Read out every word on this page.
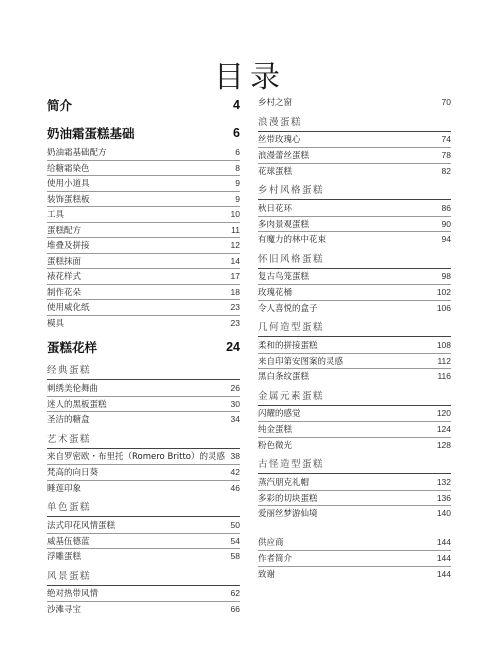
目录
简介	4
奶油霜蛋糕基础	6
奶油霜基础配方	6
给糖霜染色	8
使用小道具	9
装饰蛋糕板	9
工具	10
蛋糕配方	11
堆叠及拼接	12
蛋糕抹面	14
裱花样式	17
制作花朵	18
使用威化纸	23
模具	23
蛋糕花样	24
经典蛋糕
刺绣美伦舞曲	26
迷人的黑板蛋糕	30
圣洁的糖盒	34
艺术蛋糕
来自罗密欧・布里托（Romero Britto）的灵感 38
梵高的向日葵	42
睡莲印象	46
单色蛋糕
法式印花风情蛋糕	50
威基伍德蓝	54
浮雕蛋糕	58
风景蛋糕
绝对热带风情	62
沙滩寻宝	66
乡村之窗	70
浪漫蛋糕
丝带玫瑰心	74
浪漫蕾丝蛋糕	78
花球蛋糕	82
乡村风格蛋糕
秋日花环	86
多肉景观蛋糕	90
有魔力的林中花束	94
怀旧风格蛋糕
复古鸟笼蛋糕	98
玫瑰花桶	102
令人喜悦的盒子	106
几何造型蛋糕
柔和的拼接蛋糕	108
来自印第安图案的灵感	112
黑白条纹蛋糕	116
金属元素蛋糕
闪耀的感觉	120
纯金蛋糕	124
粉色微光	128
古怪造型蛋糕
蒸汽朋克礼帽	132
多彩的切块蛋糕	136
爱丽丝梦游仙境	140
供应商	144
作者简介	144
致谢	144
